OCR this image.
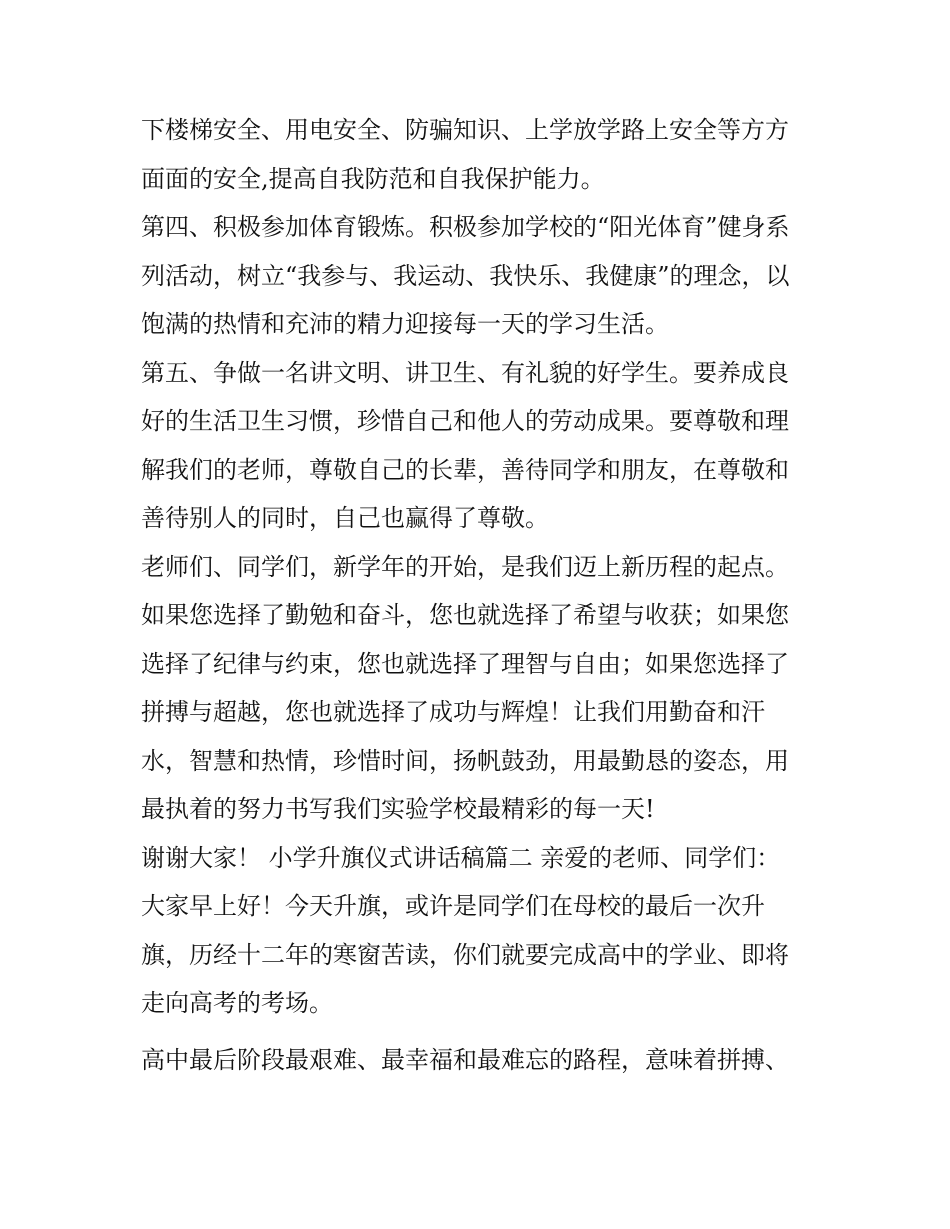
下楼梯安全、用电安全、防骗知识、上学放学路上安全等方方
面面的安全,提高自我防范和自我保护能力。
第四、积极参加体育锻炼。积极参加学校的“阳光体育”健身系
列活动，树立“我参与、我运动、我快乐、我健康”的理念，以
饱满的热情和充沛的精力迎接每一天的学习生活。
第五、争做一名讲文明、讲卫生、有礼貌的好学生。要养成良
好的生活卫生习惯，珍惜自己和他人的劳动成果。要尊敬和理
解我们的老师，尊敬自己的长辈，善待同学和朋友，在尊敬和
善待别人的同时，自己也赢得了尊敬。
老师们、同学们，新学年的开始，是我们迈上新历程的起点。
如果您选择了勤勉和奋斗，您也就选择了希望与收获；如果您
选择了纪律与约束，您也就选择了理智与自由；如果您选择了
拼搏与超越，您也就选择了成功与辉煌！让我们用勤奋和汗
水，智慧和热情，珍惜时间，扬帆鼓劲，用最勤恳的姿态，用
最执着的努力书写我们实验学校最精彩的每一天!
谢谢大家！ 小学升旗仪式讲话稿篇二 亲爱的老师、同学们：
大家早上好！今天升旗，或许是同学们在母校的最后一次升
旗，历经十二年的寒窗苦读，你们就要完成高中的学业、即将
走向高考的考场。
高中最后阶段最艰难、最幸福和最难忘的路程，意味着拼搏、
